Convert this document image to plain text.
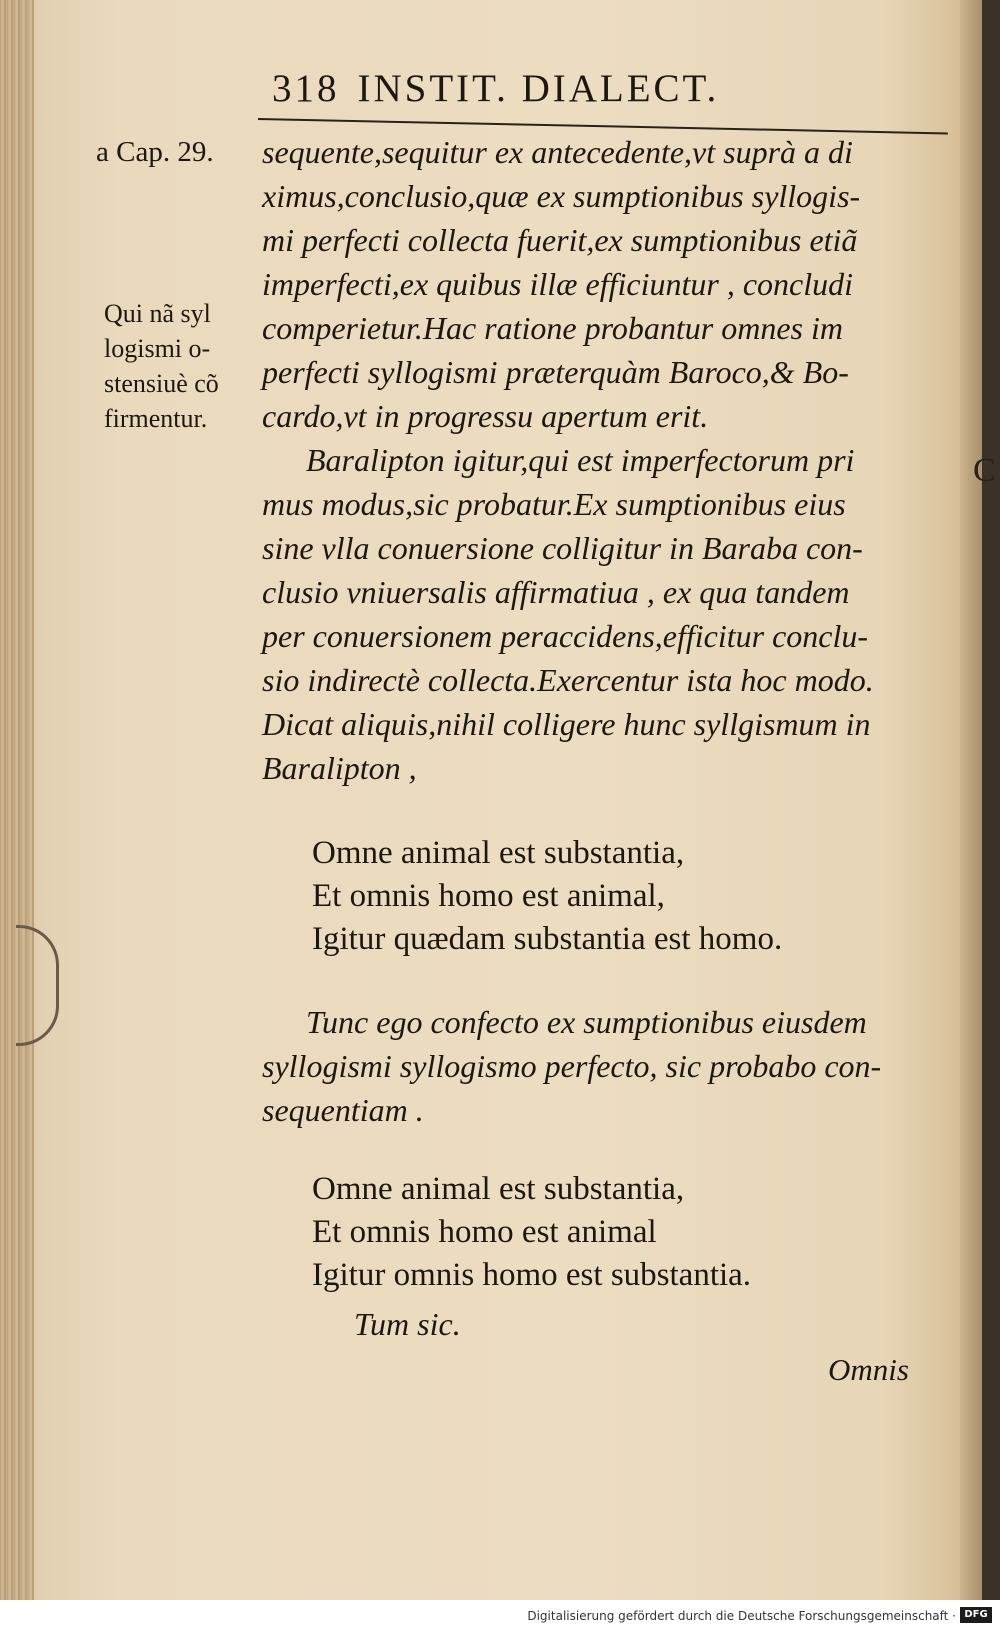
C
318 INSTIT. DIALECT.
a Cap. 29.
Qui nã syl
logismi o-
stensiuè cõ
firmentur.
sequente,sequitur ex antecedente,vt suprà a di
ximus,conclusio,quæ ex sumptionibus syllogis-
mi perfecti collecta fuerit,ex sumptionibus etiã
imperfecti,ex quibus illæ efficiuntur , concludi
comperietur.Hac ratione probantur omnes im
perfecti syllogismi præterquàm Baroco,& Bo-
cardo,vt in progressu apertum erit.
Baralipton igitur,qui est imperfectorum pri
mus modus,sic probatur.Ex sumptionibus eius
sine vlla conuersione colligitur in Baraba con-
clusio vniuersalis affirmatiua , ex qua tandem
per conuersionem peraccidens,efficitur conclu-
sio indirectè collecta.Exercentur ista hoc modo.
Dicat aliquis,nihil colligere hunc syllgismum in
Baralipton ,
Omne animal est substantia,
Et omnis homo est animal,
Igitur quædam substantia est homo.
Tunc ego confecto ex sumptionibus eiusdem
syllogismi syllogismo perfecto, sic probabo con-
sequentiam .
Omne animal est substantia,
Et omnis homo est animal
Igitur omnis homo est substantia.
Tum sic.
Omnis
Digitalisierung gefördert durch die Deutsche Forschungsgemeinschaft · DFG
